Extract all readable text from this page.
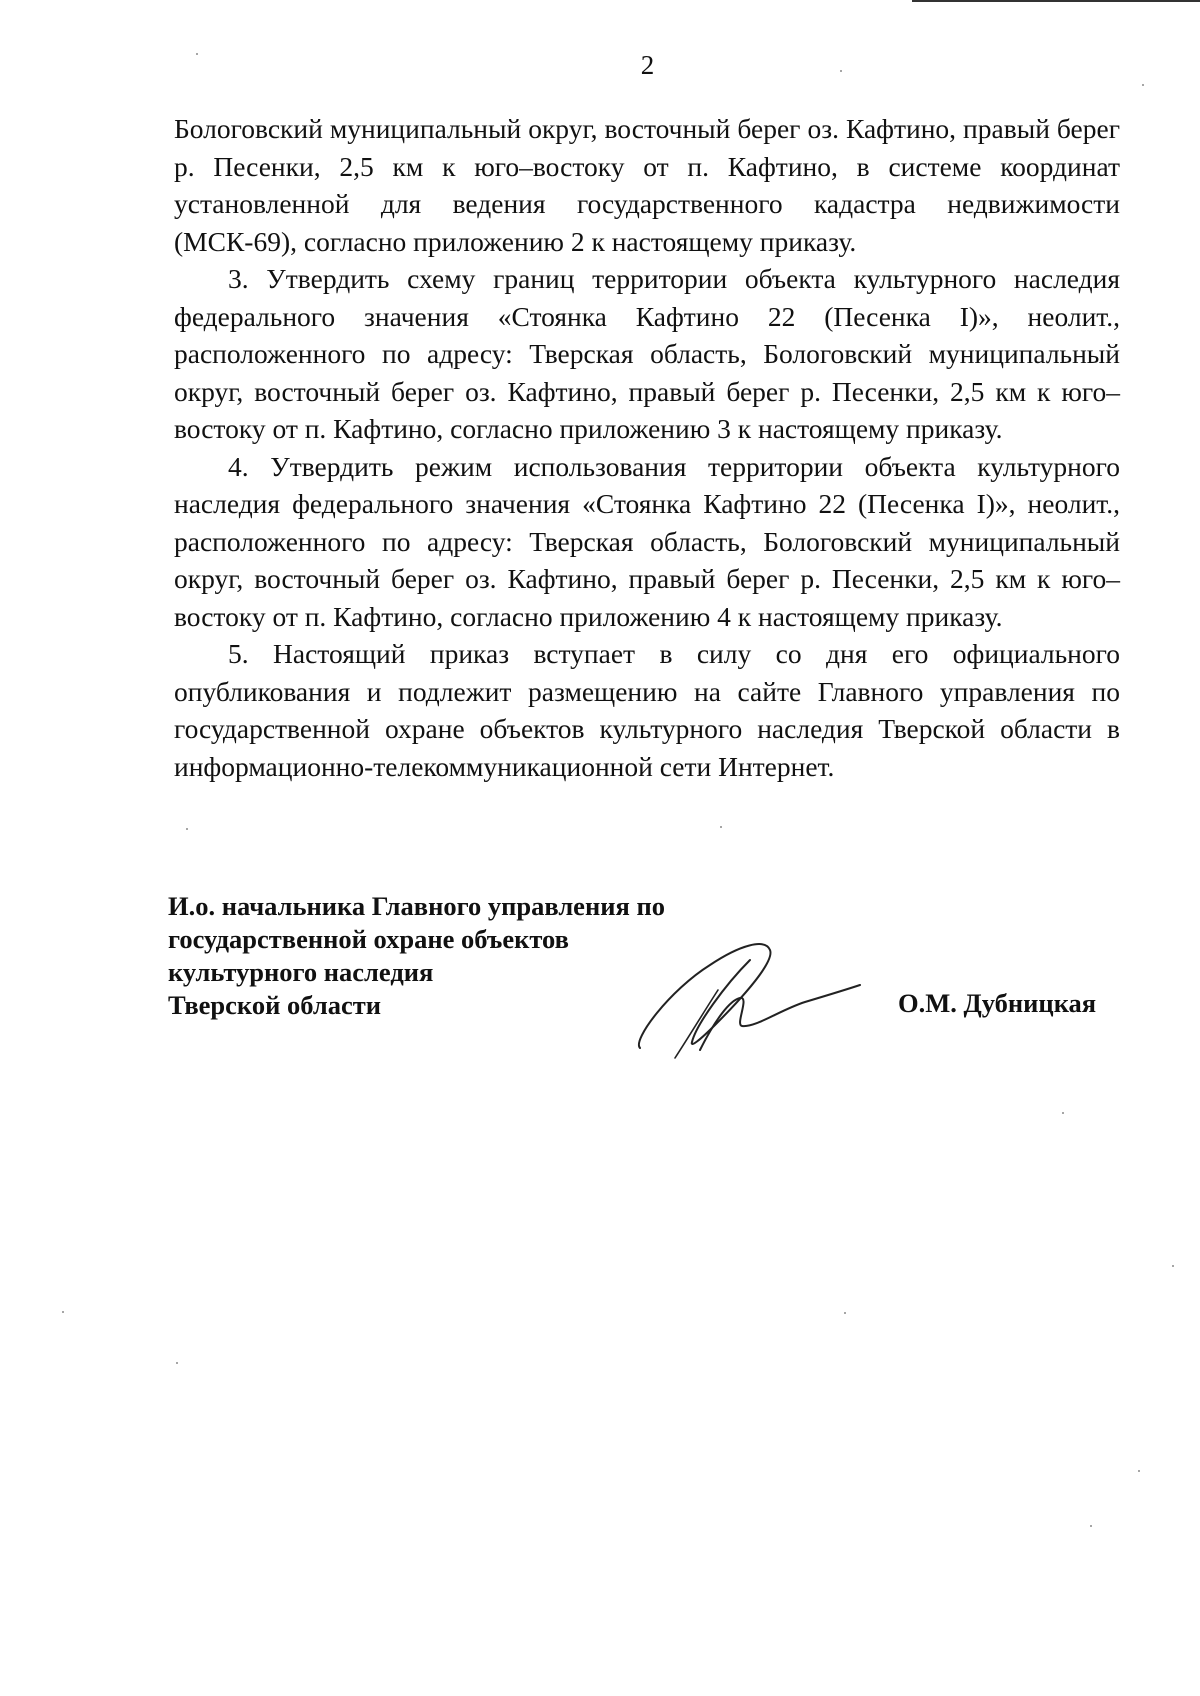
2

Бологовский муниципальный округ, восточный берег оз. Кафтино, правый берег р. Песенки, 2,5 км к юго–востоку от п. Кафтино, в системе координат установленной для ведения государственного кадастра недвижимости (МСК-69), согласно приложению 2 к настоящему приказу.

3. Утвердить схему границ территории объекта культурного наследия федерального значения «Стоянка Кафтино 22 (Песенка I)», неолит., расположенного по адресу: Тверская область, Бологовский муниципальный округ, восточный берег оз. Кафтино, правый берег р. Песенки, 2,5 км к юго–востоку от п. Кафтино, согласно приложению 3 к настоящему приказу.

4. Утвердить режим использования территории объекта культурного наследия федерального значения «Стоянка Кафтино 22 (Песенка I)», неолит., расположенного по адресу: Тверская область, Бологовский муниципальный округ, восточный берег оз. Кафтино, правый берег р. Песенки, 2,5 км к юго–востоку от п. Кафтино, согласно приложению 4 к настоящему приказу.

5. Настоящий приказ вступает в силу со дня его официального опубликования и подлежит размещению на сайте Главного управления по государственной охране объектов культурного наследия Тверской области в информационно-телекоммуникационной сети Интернет.

И.о. начальника Главного управления по
государственной охране объектов
культурного наследия
Тверской области	О.М. Дубницкая
